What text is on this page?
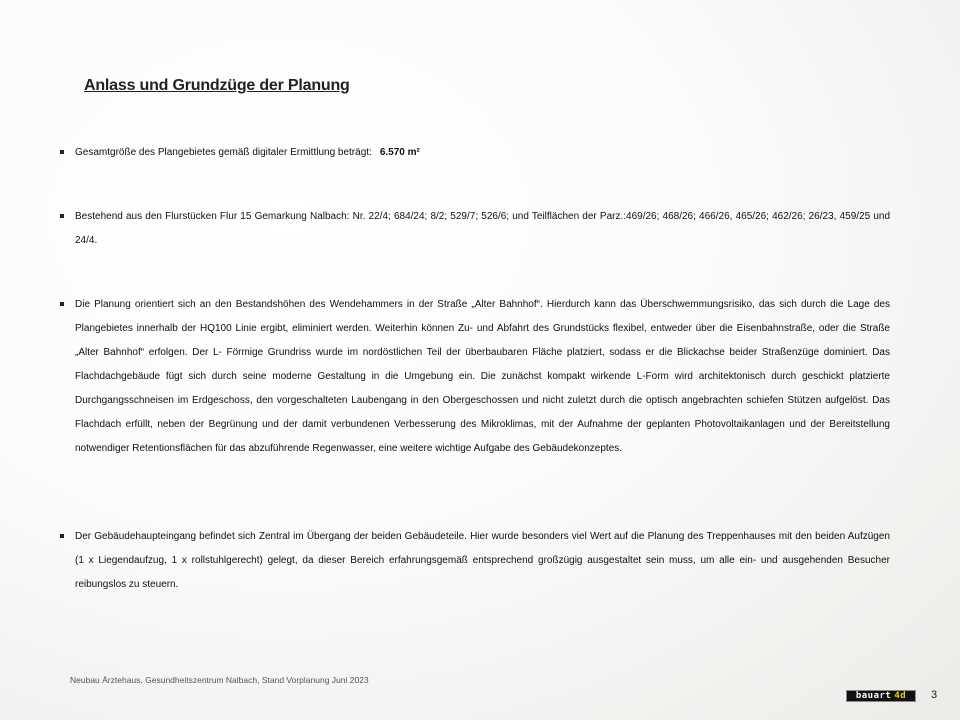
Anlass und Grundzüge der Planung
Gesamtgröße des Plangebietes gemäß digitaler Ermittlung beträgt: 6.570 m²
Bestehend aus den Flurstücken Flur 15 Gemarkung Nalbach: Nr. 22/4; 684/24; 8/2; 529/7; 526/6; und Teilflächen der Parz.:469/26; 468/26; 466/26, 465/26; 462/26; 26/23, 459/25 und 24/4.
Die Planung orientiert sich an den Bestandshöhen des Wendehammers in der Straße „Alter Bahnhof“. Hierdurch kann das Überschwemmungsrisiko, das sich durch die Lage des Plangebietes innerhalb der HQ100 Linie ergibt, eliminiert werden. Weiterhin können Zu- und Abfahrt des Grundstücks flexibel, entweder über die Eisenbahnstraße, oder die Straße „Alter Bahnhof“ erfolgen. Der L- Förmige Grundriss wurde im nordöstlichen Teil der überbaubaren Fläche platziert, sodass er die Blickachse beider Straßenzüge dominiert. Das Flachdachgebäude fügt sich durch seine moderne Gestaltung in die Umgebung ein. Die zunächst kompakt wirkende L-Form wird architektonisch durch geschickt platzierte Durchgangsschneisen im Erdgeschoss, den vorgeschalteten Laubengang in den Obergeschossen und nicht zuletzt durch die optisch angebrachten schiefen Stützen aufgelöst. Das Flachdach erfüllt, neben der Begrünung und der damit verbundenen Verbesserung des Mikroklimas, mit der Aufnahme der geplanten Photovoltaikanlagen und der Bereitstellung notwendiger Retentionsflächen für das abzuführende Regenwasser, eine weitere wichtige Aufgabe des Gebäudekonzeptes.
Der Gebäudehaupteingang befindet sich Zentral im Übergang der beiden Gebäudeteile. Hier wurde besonders viel Wert auf die Planung des Treppenhauses mit den beiden Aufzügen (1 x Liegendaufzug, 1 x rollstuhlgerecht) gelegt, da dieser Bereich erfahrungsgemäß entsprechend großzügig ausgestaltet sein muss, um alle ein- und ausgehenden Besucher reibungslos zu steuern.
Neubau Ärztehaus, Gesundheitszentrum Nalbach, Stand Vorplanung Juni 2023
bauart 4d 3
